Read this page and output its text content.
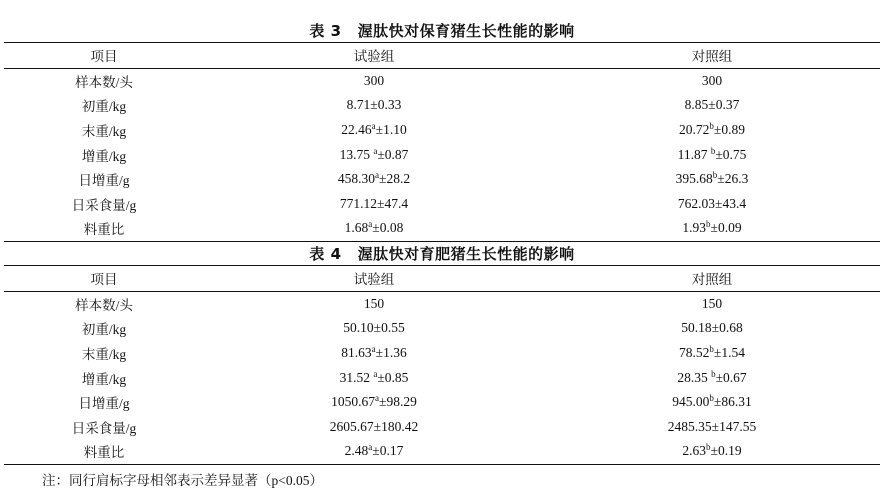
表 3 渥肽快对保育猪生长性能的影响
项目	试验组	对照组
样本数/头	300	300
初重/kg	8.71±0.33	8.85±0.37
末重/kg	22.46$^a$±1.10	20.72$^b$±0.89
增重/kg	13.75 $^a$±0.87	11.87 $^b$±0.75
日增重/g	458.30$^a$±28.2	395.68$^b$±26.3
日采食量/g	771.12±47.4	762.03±43.4
料重比	1.68$^a$±0.08	1.93$^b$±0.09
表 4 渥肽快对育肥猪生长性能的影响
项目	试验组	对照组
样本数/头	150	150
初重/kg	50.10±0.55	50.18±0.68
末重/kg	81.63$^a$±1.36	78.52$^b$±1.54
增重/kg	31.52 $^a$±0.85	28.35 $^b$±0.67
日增重/g	1050.67$^a$±98.29	945.00$^b$±86.31
日采食量/g	2605.67±180.42	2485.35±147.55
料重比	2.48$^a$±0.17	2.63$^b$±0.19
注：同行肩标字母相邻表示差异显著（p<0.05）
